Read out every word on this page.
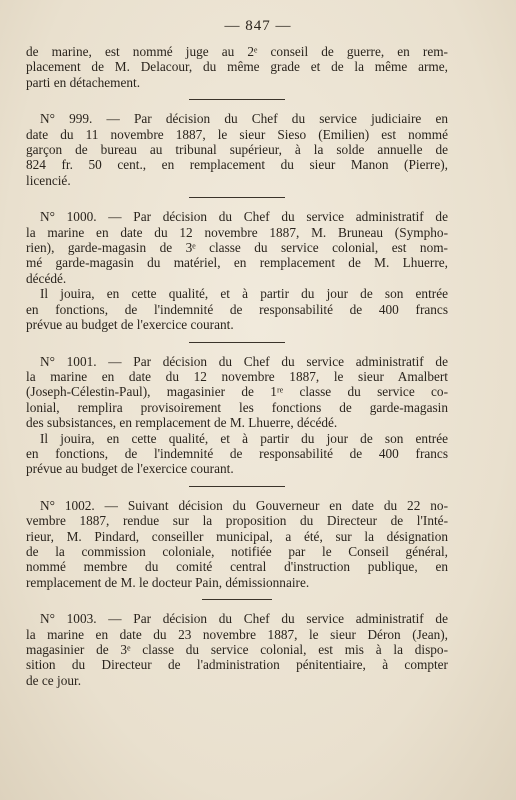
— 847 —

de marine, est nommé juge au 2ᵉ conseil de guerre, en rem-
placement de M. Delacour, du même grade et de la même arme,
parti en détachement.

N° 999. — Par décision du Chef du service judiciaire en
date du 11 novembre 1887, le sieur Sieso (Emilien) est nommé
garçon de bureau au tribunal supérieur, à la solde annuelle de
824 fr. 50 cent., en remplacement du sieur Manon (Pierre),
licencié.

N° 1000. — Par décision du Chef du service administratif de
la marine en date du 12 novembre 1887, M. Bruneau (Sympho-
rien), garde-magasin de 3ᵉ classe du service colonial, est nom-
mé garde-magasin du matériel, en remplacement de M. Lhuerre,
décédé.

Il jouira, en cette qualité, et à partir du jour de son entrée
en fonctions, de l'indemnité de responsabilité de 400 francs
prévue au budget de l'exercice courant.

N° 1001. — Par décision du Chef du service administratif de
la marine en date du 12 novembre 1887, le sieur Amalbert
(Joseph-Célestin-Paul), magasinier de 1ʳᵉ classe du service co-
lonial, remplira provisoirement les fonctions de garde-magasin
des subsistances, en remplacement de M. Lhuerre, décédé.

Il jouira, en cette qualité, et à partir du jour de son entrée
en fonctions, de l'indemnité de responsabilité de 400 francs
prévue au budget de l'exercice courant.

N° 1002. — Suivant décision du Gouverneur en date du 22 no-
vembre 1887, rendue sur la proposition du Directeur de l'Inté-
rieur, M. Pindard, conseiller municipal, a été, sur la désignation
de la commission coloniale, notifiée par le Conseil général,
nommé membre du comité central d'instruction publique, en
remplacement de M. le docteur Pain, démissionnaire.

N° 1003. — Par décision du Chef du service administratif de
la marine en date du 23 novembre 1887, le sieur Déron (Jean),
magasinier de 3ᵉ classe du service colonial, est mis à la dispo-
sition du Directeur de l'administration pénitentiaire, à compter
de ce jour.
